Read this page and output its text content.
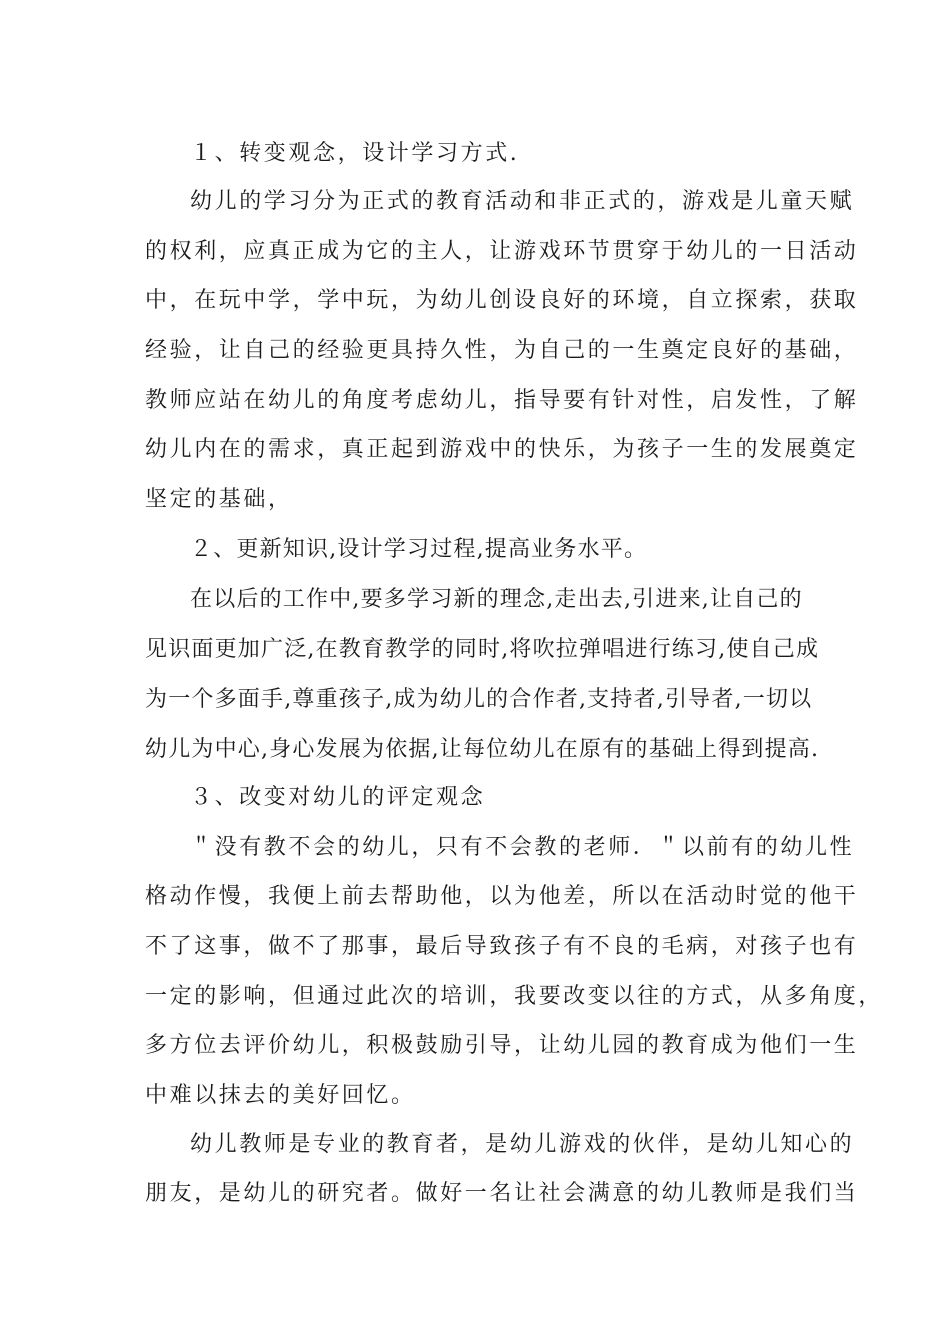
１、转变观念，设计学习方式.
幼儿的学习分为正式的教育活动和非正式的，游戏是儿童天赋
的权利，应真正成为它的主人，让游戏环节贯穿于幼儿的一日活动
中，在玩中学，学中玩，为幼儿创设良好的环境，自立探索，获取
经验，让自己的经验更具持久性，为自己的一生奠定良好的基础，
教师应站在幼儿的角度考虑幼儿，指导要有针对性，启发性，了解
幼儿内在的需求，真正起到游戏中的快乐，为孩子一生的发展奠定
坚定的基础，
２、更新知识,设计学习过程,提高业务水平。
在以后的工作中,要多学习新的理念,走出去,引进来,让自己的
见识面更加广泛,在教育教学的同时,将吹拉弹唱进行练习,使自己成
为一个多面手,尊重孩子,成为幼儿的合作者,支持者,引导者,一切以
幼儿为中心,身心发展为依据,让每位幼儿在原有的基础上得到提高.
３、改变对幼儿的评定观念
＂没有教不会的幼儿，只有不会教的老师．＂以前有的幼儿性
格动作慢，我便上前去帮助他，以为他差，所以在活动时觉的他干
不了这事，做不了那事，最后导致孩子有不良的毛病，对孩子也有
一定的影响，但通过此次的培训，我要改变以往的方式，从多角度，
多方位去评价幼儿，积极鼓励引导，让幼儿园的教育成为他们一生
中难以抹去的美好回忆。
幼儿教师是专业的教育者，是幼儿游戏的伙伴，是幼儿知心的
朋友，是幼儿的研究者。做好一名让社会满意的幼儿教师是我们当
